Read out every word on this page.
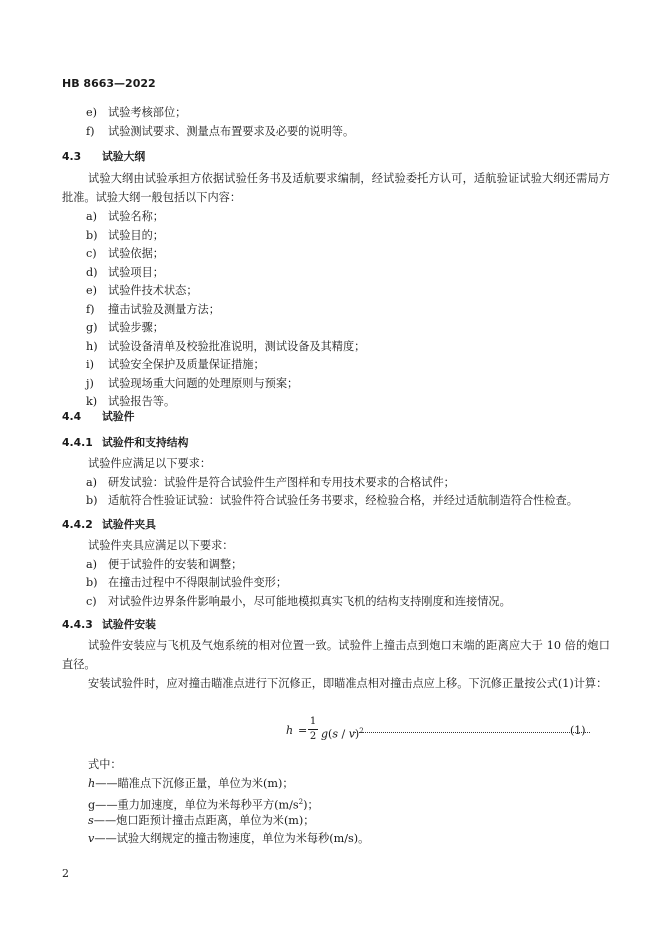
HB 8663—2022
e) 试验考核部位；
f) 试验测试要求、测量点布置要求及必要的说明等。
4.3 试验大纲
试验大纲由试验承担方依据试验任务书及适航要求编制，经试验委托方认可，适航验证试验大纲还需局方批准。试验大纲一般包括以下内容：
a) 试验名称；
b) 试验目的；
c) 试验依据；
d) 试验项目；
e) 试验件技术状态；
f) 撞击试验及测量方法；
g) 试验步骤；
h) 试验设备清单及校验批准说明，测试设备及其精度；
i) 试验安全保护及质量保证措施；
j) 试验现场重大问题的处理原则与预案；
k) 试验报告等。
4.4 试验件
4.4.1 试验件和支持结构
试验件应满足以下要求：
a) 研发试验：试验件是符合试验件生产图样和专用技术要求的合格试件；
b) 适航符合性验证试验：试验件符合试验任务书要求，经检验合格，并经过适航制造符合性检查。
4.4.2 试验件夹具
试验件夹具应满足以下要求：
a) 便于试验件的安装和调整；
b) 在撞击过程中不得限制试验件变形；
c) 对试验件边界条件影响最小，尽可能地模拟真实飞机的结构支持刚度和连接情况。
4.4.3 试验件安装
试验件安装应与飞机及气炮系统的相对位置一致。试验件上撞击点到炮口末端的距离应大于 10 倍的炮口直径。
安装试验件时，应对撞击瞄准点进行下沉修正，即瞄准点相对撞击点应上移。下沉修正量按公式(1)计算：
h =
1
2 g(s / v)$^2$	(1)
式中：
h——瞄准点下沉修正量，单位为米(m)；
g——重力加速度，单位为米每秒平方$(m/s^2)$；
s——炮口距预计撞击点距离，单位为米(m)；
v——试验大纲规定的撞击物速度，单位为米每秒(m/s)。
2
